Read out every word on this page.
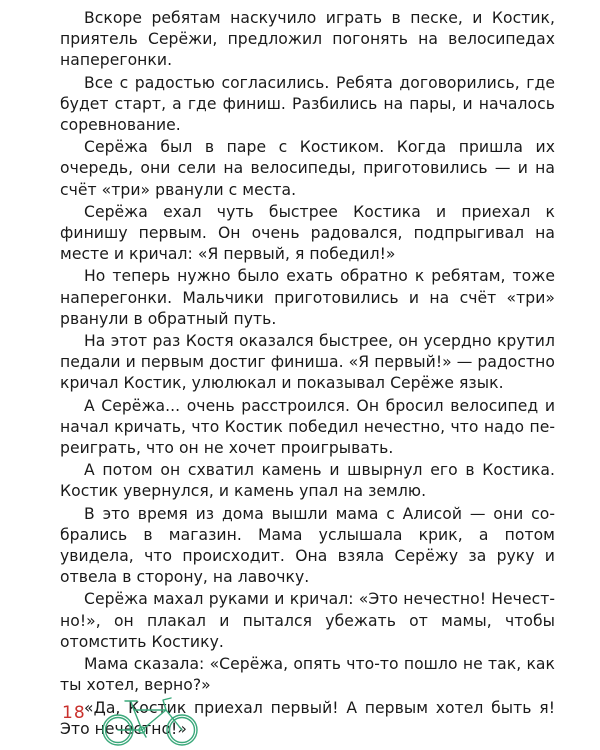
Вскоре ребятам наскучило играть в песке, и Костик, приятель Серёжи, предложил погонять на велосипедах наперегонки.

Все с радостью согласились. Ребята договорились, где будет старт, а где финиш. Разбились на пары, и началось соревнование.

Серёжа был в паре с Костиком. Когда пришла их очередь, они сели на велосипеды, приготовились — и на счёт «три» рванули с места.

Серёжа ехал чуть быстрее Костика и приехал к финишу первым. Он очень радовался, подпрыгивал на месте и кричал: «Я первый, я победил!»

Но теперь нужно было ехать обратно к ребятам, тоже наперегонки. Мальчики приготовились и на счёт «три» рванули в обратный путь.

На этот раз Костя оказался быстрее, он усердно крутил педали и первым достиг финиша. «Я первый!» — радостно кричал Костик, улюлюкал и показывал Серёже язык.

А Серёжа... очень расстроился. Он бросил велосипед и начал кричать, что Костик победил нечестно, что надо переиграть, что он не хочет проигрывать.

А потом он схватил камень и швырнул его в Костика. Костик увернулся, и камень упал на землю.

В это время из дома вышли мама с Алисой — они собрались в магазин. Мама услышала крик, а потом увидела, что происходит. Она взяла Серёжу за руку и отвела в сторону, на лавочку.

Серёжа махал руками и кричал: «Это нечестно! Нечестно!», он плакал и пытался убежать от мамы, чтобы отомстить Костику.

Мама сказала: «Серёжа, опять что-то пошло не так, как ты хотел, верно?»

«Да, Костик приехал первый! А первым хотел быть я! Это нечестно!»

18
